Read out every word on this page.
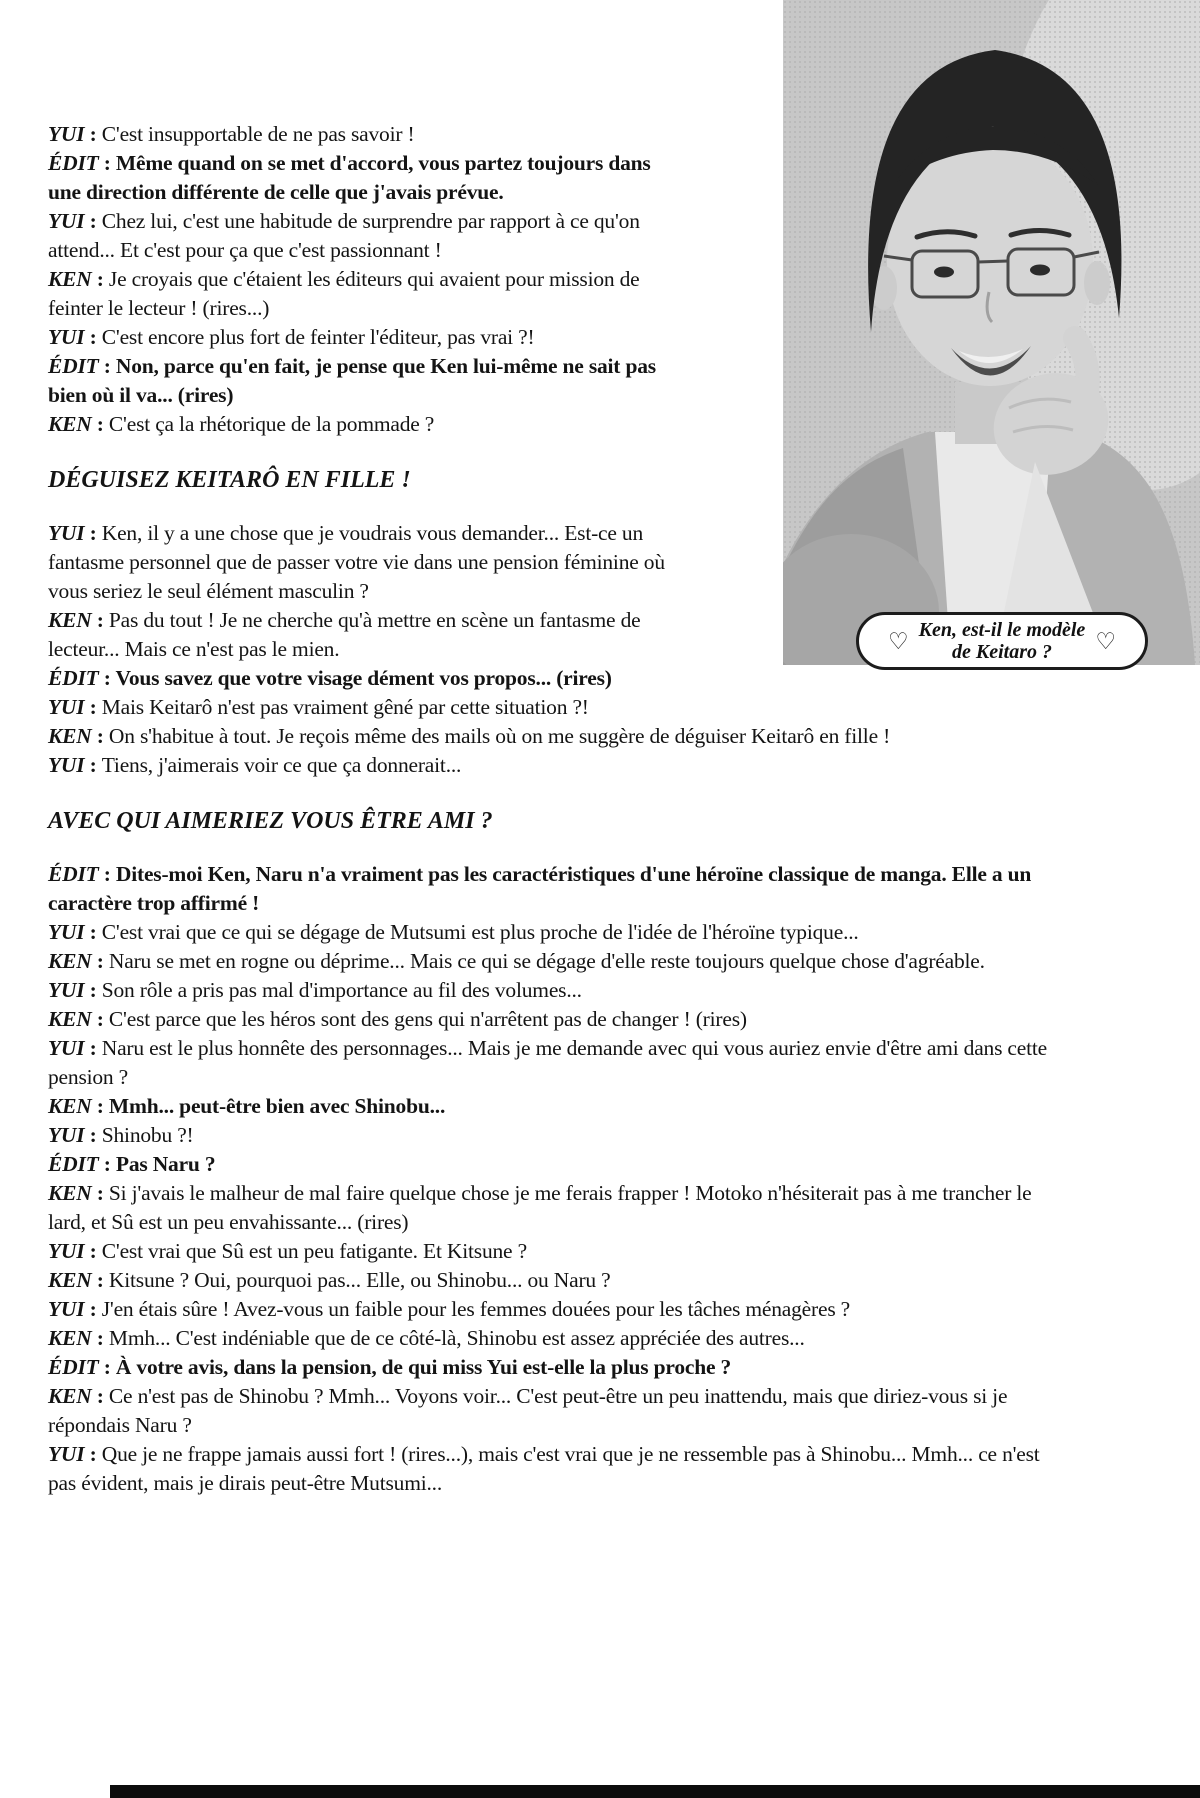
♡ Ken, est-il le modèle
de Keitaro ?	♡

YUI : C'est insupportable de ne pas savoir !

ÉDIT : Même quand on se met d'accord, vous partez toujours dans une direction différente de celle que j'avais prévue.

YUI : Chez lui, c'est une habitude de surprendre par rapport à ce qu'on attend... Et c'est pour ça que c'est passionnant !

KEN : Je croyais que c'étaient les éditeurs qui avaient pour mission de feinter le lecteur ! (rires...)

YUI : C'est encore plus fort de feinter l'éditeur, pas vrai ?!

ÉDIT : Non, parce qu'en fait, je pense que Ken lui-même ne sait pas bien où il va... (rires)

KEN : C'est ça la rhétorique de la pommade ?

DÉGUISEZ KEITARÔ EN FILLE !

YUI : Ken, il y a une chose que je voudrais vous demander... Est-ce un fantasme personnel que de passer votre vie dans une pension féminine où vous seriez le seul élément masculin ?

KEN : Pas du tout ! Je ne cherche qu'à mettre en scène un fantasme de lecteur... Mais ce n'est pas le mien.

ÉDIT : Vous savez que votre visage dément vos propos... (rires)

YUI : Mais Keitarô n'est pas vraiment gêné par cette situation ?!

KEN : On s'habitue à tout. Je reçois même des mails où on me suggère de déguiser Keitarô en fille !

YUI : Tiens, j'aimerais voir ce que ça donnerait...

AVEC QUI AIMERIEZ VOUS ÊTRE AMI ?

ÉDIT : Dites-moi Ken, Naru n'a vraiment pas les caractéristiques d'une héroïne classique de manga. Elle a un caractère trop affirmé !

YUI : C'est vrai que ce qui se dégage de Mutsumi est plus proche de l'idée de l'héroïne typique...

KEN : Naru se met en rogne ou déprime... Mais ce qui se dégage d'elle reste toujours quelque chose d'agréable.

YUI : Son rôle a pris pas mal d'importance au fil des volumes...

KEN : C'est parce que les héros sont des gens qui n'arrêtent pas de changer ! (rires)

YUI : Naru est le plus honnête des personnages... Mais je me demande avec qui vous auriez envie d'être ami dans cette pension ?

KEN : Mmh... peut-être bien avec Shinobu...

YUI : Shinobu ?!

ÉDIT : Pas Naru ?

KEN : Si j'avais le malheur de mal faire quelque chose je me ferais frapper ! Motoko n'hésiterait pas à me trancher le lard, et Sû est un peu envahissante... (rires)

YUI : C'est vrai que Sû est un peu fatigante. Et Kitsune ?

KEN : Kitsune ? Oui, pourquoi pas... Elle, ou Shinobu... ou Naru ?

YUI : J'en étais sûre ! Avez-vous un faible pour les femmes douées pour les tâches ménagères ?

KEN : Mmh... C'est indéniable que de ce côté-là, Shinobu est assez appréciée des autres...

ÉDIT : À votre avis, dans la pension, de qui miss Yui est-elle la plus proche ?

KEN : Ce n'est pas de Shinobu ? Mmh... Voyons voir... C'est peut-être un peu inattendu, mais que diriez-vous si je répondais Naru ?

YUI : Que je ne frappe jamais aussi fort ! (rires...), mais c'est vrai que je ne ressemble pas à Shinobu... Mmh... ce n'est pas évident, mais je dirais peut-être Mutsumi...
